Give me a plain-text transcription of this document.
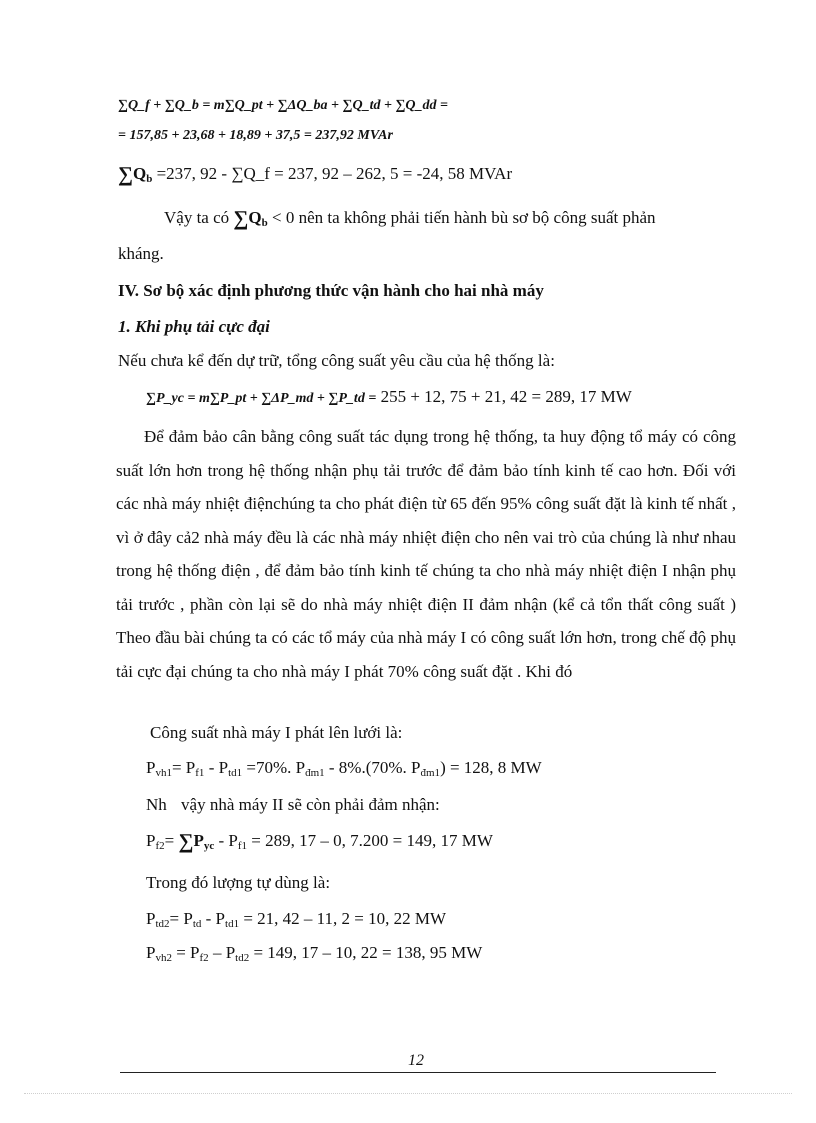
∑Q_f + ∑Q_b = m∑Q_pt + ∑ΔQ_ba + ∑Q_td + ∑Q_dd =
= 157,85 + 23,68 + 18,89 + 37,5 = 237,92 MVAr
$\sum Q_b =237$, 92 - ∑Q_f = 237, 92 – 262, 5 = -24, 58 MVAr
Vậy ta có $\sum Q_b < 0$ nên ta không phải tiến hành bù sơ bộ công suất phản
kháng.
IV. Sơ bộ xác định phương thức vận hành cho hai nhà máy
1. Khi phụ tải cực đại
Nếu chưa kể đến dự trữ, tổng công suất yêu cầu của hệ thống là:
∑P_yc = m∑P_pt + ∑ΔP_md + ∑P_td = 255 + 12, 75 + 21, 42 = 289, 17 MW

Để đảm bảo cân bằng công suất tác dụng trong hệ thống, ta huy động tổ máy có công suất lớn hơn trong hệ thống nhận phụ tải trước để đảm bảo tính kinh tế cao hơn. Đối với các nhà máy nhiệt điệnchúng ta cho phát điện từ 65 đến 95% công suất đặt là kinh tế nhất , vì ở đây cả2 nhà máy đều là các nhà máy nhiệt điện cho nên vai trò của chúng là như nhau trong hệ thống điện , để đảm bảo tính kinh tế chúng ta cho nhà máy nhiệt điện I nhận phụ tải trước , phần còn lại sẽ do nhà máy nhiệt điện II đảm nhận (kể cả tổn thất công suất ) Theo đầu bài chúng ta có các tổ máy của nhà máy I có công suất lớn hơn, trong chế độ phụ tải cực đại chúng ta cho nhà máy I phát 70% công suất đặt . Khi đó

Công suất nhà máy I phát lên lưới là:
$P_{vh1}= P_{f1} - P_{td1} =70\%$. $P_{đm1} - 8\%.(70\%$. $P_{đm1}) = 128$, 8 MW
Nh vậy nhà máy II sẽ còn phải đảm nhận:
$P_{f2}= \sum P_{yc} - P_{f1} = 289$, 17 – 0, 7.200 = 149, 17 MW
Trong đó lượng tự dùng là:
$P_{td2}= P_{td} - P_{td1} = 21$, 42 – 11, 2 = 10, 22 MW
$P_{vh2} = P_{f2} - P_{td2} = 149$, 17 – 10, 22 = 138, 95 MW
12
